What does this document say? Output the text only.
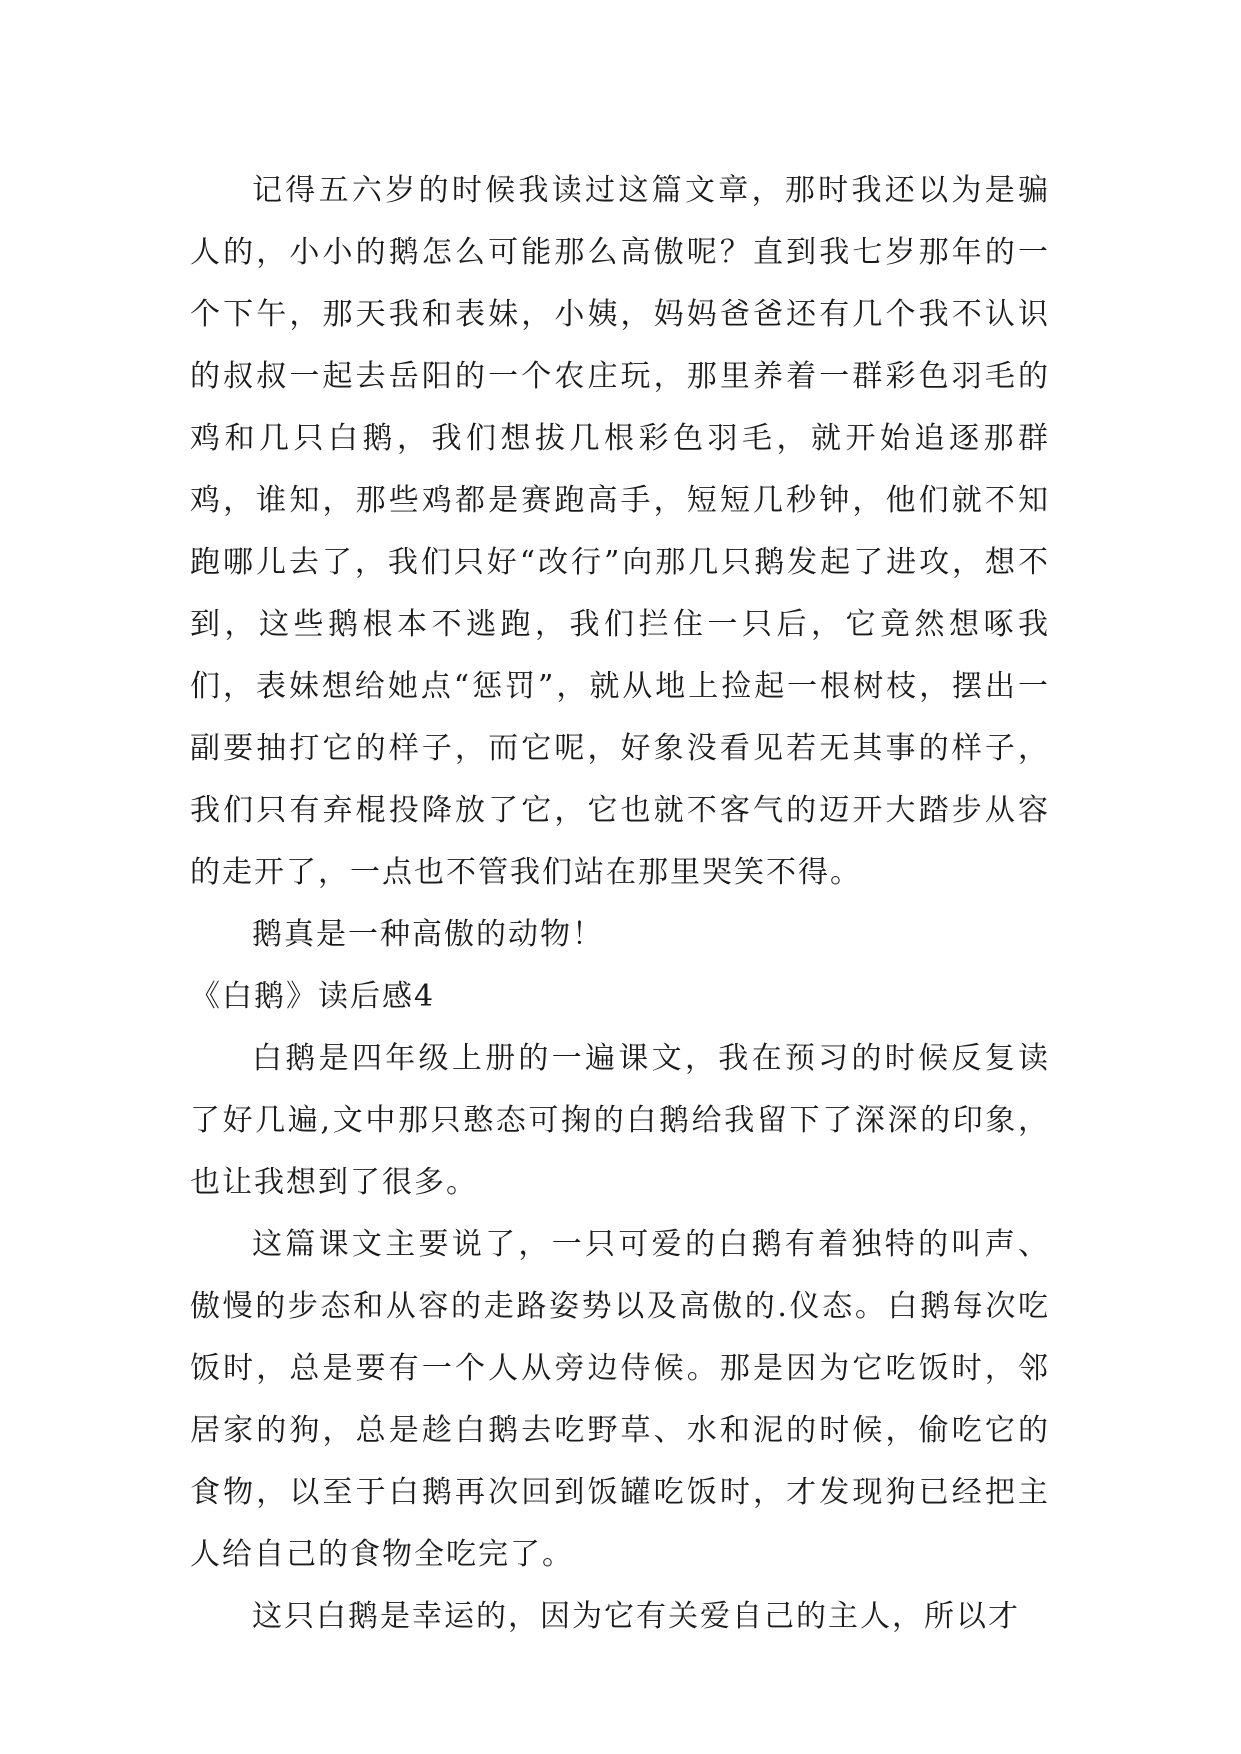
记得五六岁的时候我读过这篇文章，那时我还以为是骗人的，小小的鹅怎么可能那么高傲呢？直到我七岁那年的一个下午，那天我和表妹，小姨，妈妈爸爸还有几个我不认识的叔叔一起去岳阳的一个农庄玩，那里养着一群彩色羽毛的鸡和几只白鹅，我们想拔几根彩色羽毛，就开始追逐那群鸡，谁知，那些鸡都是赛跑高手，短短几秒钟，他们就不知跑哪儿去了，我们只好“改行”向那几只鹅发起了进攻，想不到，这些鹅根本不逃跑，我们拦住一只后，它竟然想啄我们，表妹想给她点“惩罚”，就从地上捡起一根树枝，摆出一副要抽打它的样子，而它呢，好象没看见若无其事的样子，我们只有弃棍投降放了它，它也就不客气的迈开大踏步从容的走开了，一点也不管我们站在那里哭笑不得。

鹅真是一种高傲的动物！

《白鹅》读后感4

白鹅是四年级上册的一遍课文，我在预习的时候反复读了好几遍,文中那只憨态可掬的白鹅给我留下了深深的印象，也让我想到了很多。

这篇课文主要说了，一只可爱的白鹅有着独特的叫声、傲慢的步态和从容的走路姿势以及高傲的.仪态。白鹅每次吃饭时，总是要有一个人从旁边侍候。那是因为它吃饭时，邻居家的狗，总是趁白鹅去吃野草、水和泥的时候，偷吃它的食物，以至于白鹅再次回到饭罐吃饭时，才发现狗已经把主人给自己的食物全吃完了。

这只白鹅是幸运的，因为它有关爱自己的主人，所以才
